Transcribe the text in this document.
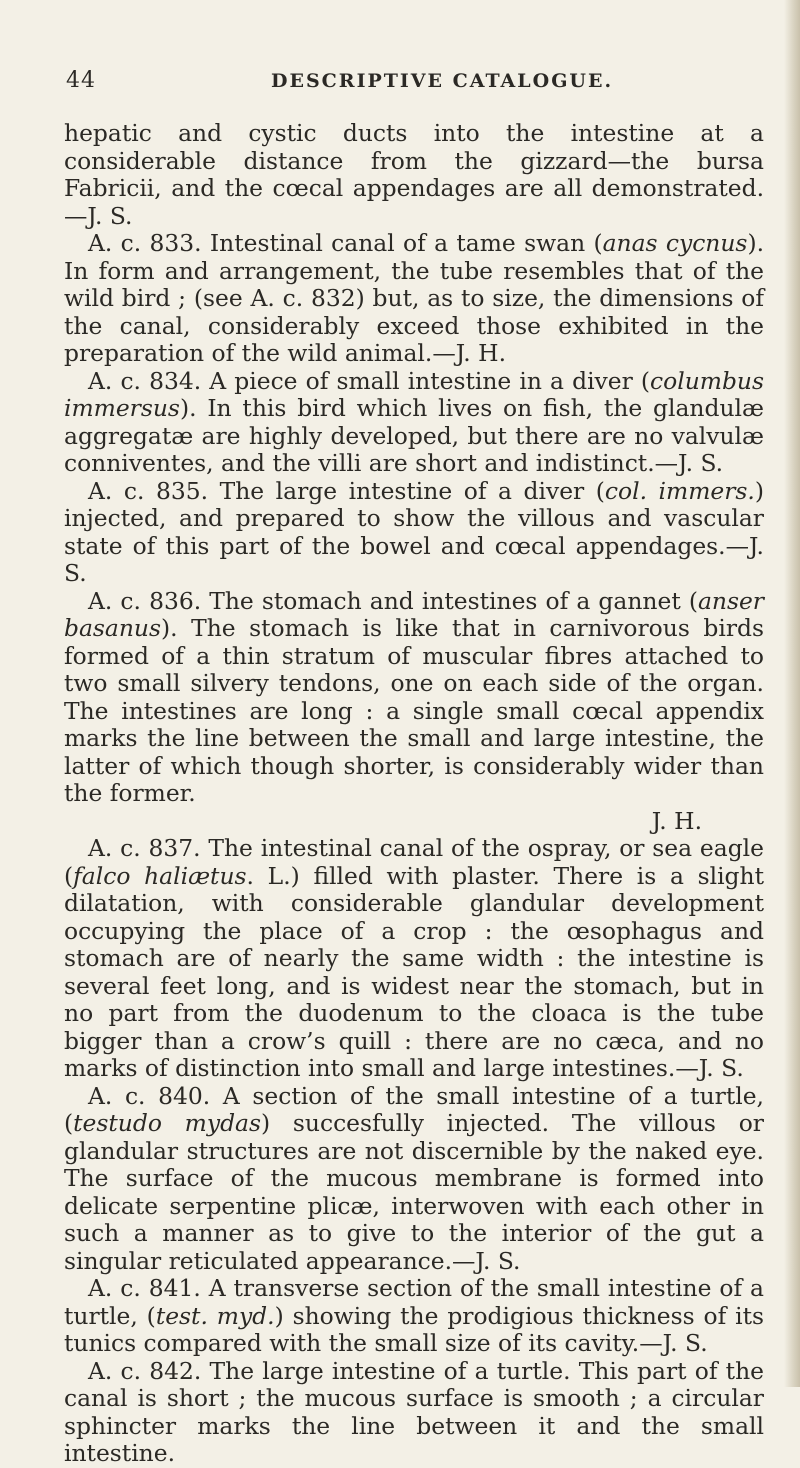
44	DESCRIPTIVE CATALOGUE.

hepatic and cystic ducts into the intestine at a considerable distance from the gizzard—the bursa Fabricii, and the cœcal appendages are all demonstrated.—J. S.

A. c. 833. Intestinal canal of a tame swan (anas cycnus). In form and arrangement, the tube resembles that of the wild bird ; (see A. c. 832) but, as to size, the dimensions of the canal, considerably exceed those exhibited in the preparation of the wild animal.—J. H.

A. c. 834. A piece of small intestine in a diver (columbus immersus). In this bird which lives on fish, the glandulæ aggregatæ are highly developed, but there are no valvulæ conniventes, and the villi are short and indistinct.—J. S.

A. c. 835. The large intestine of a diver (col. immers.) injected, and prepared to show the villous and vascular state of this part of the bowel and cœcal appendages.—J. S.

A. c. 836. The stomach and intestines of a gannet (anser basanus). The stomach is like that in carnivorous birds formed of a thin stratum of muscular fibres attached to two small silvery tendons, one on each side of the organ. The intestines are long : a single small cœcal appendix marks the line between the small and large intestine, the latter of which though shorter, is considerably wider than the former.

J. H.

A. c. 837. The intestinal canal of the ospray, or sea eagle (falco haliætus. L.) filled with plaster. There is a slight dilatation, with considerable glandular development occupying the place of a crop : the œsophagus and stomach are of nearly the same width : the intestine is several feet long, and is widest near the stomach, but in no part from the duodenum to the cloaca is the tube bigger than a crow’s quill : there are no cæca, and no marks of distinction into small and large intestines.—J. S.

A. c. 840. A section of the small intestine of a turtle, (testudo mydas) succesfully injected. The villous or glandular structures are not discernible by the naked eye. The surface of the mucous membrane is formed into delicate serpentine plicæ, interwoven with each other in such a manner as to give to the interior of the gut a singular reticulated appearance.—J. S.

A. c. 841. A transverse section of the small intestine of a turtle, (test. myd.) showing the prodigious thickness of its tunics compared with the small size of its cavity.—J. S.

A. c. 842. The large intestine of a turtle. This part of the canal is short ; the mucous surface is smooth ; a circular sphincter marks the line between it and the small intestine.
